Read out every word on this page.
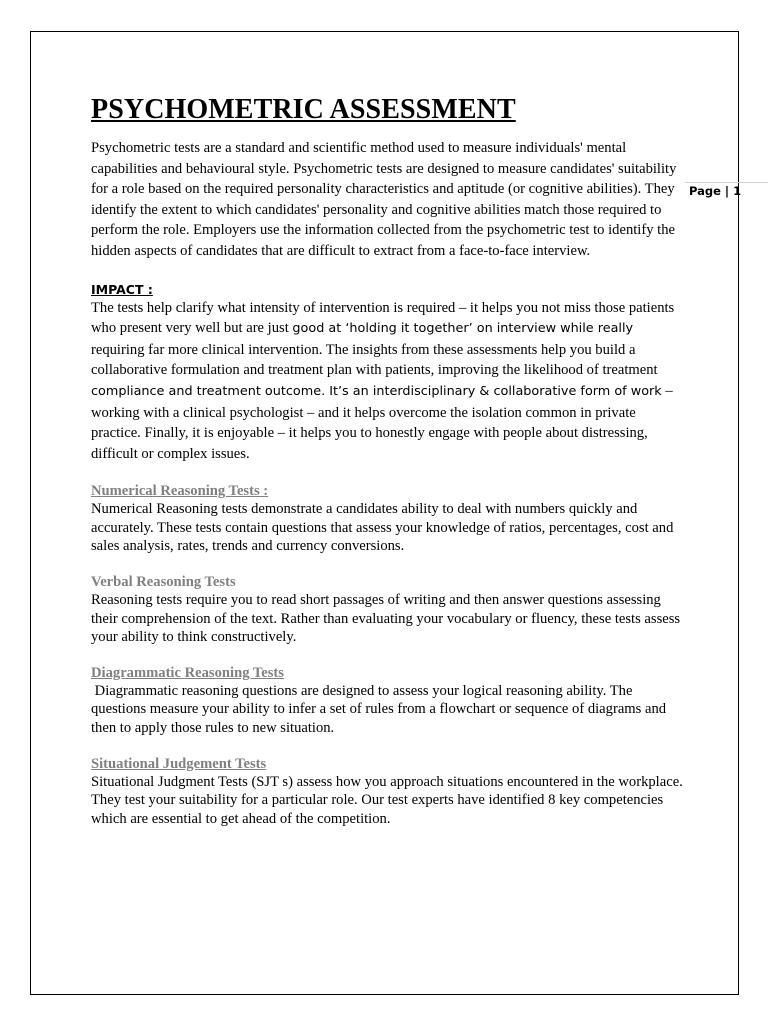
Page | 1
PSYCHOMETRIC ASSESSMENT

Psychometric tests are a standard and scientific method used to measure individuals' mental capabilities and behavioural style. Psychometric tests are designed to measure candidates' suitability for a role based on the required personality characteristics and aptitude (or cognitive abilities). They identify the extent to which candidates' personality and cognitive abilities match those required to perform the role. Employers use the information collected from the psychometric test to identify the hidden aspects of candidates that are difficult to extract from a face-to-face interview.

IMPACT :

The tests help clarify what intensity of intervention is required – it helps you not miss those patients who present very well but are just good at ‘holding it together’ on interview while really requiring far more clinical intervention. The insights from these assessments help you build a collaborative formulation and treatment plan with patients, improving the likelihood of treatment compliance and treatment outcome. It’s an interdisciplinary & collaborative form of work – working with a clinical psychologist – and it helps overcome the isolation common in private practice. Finally, it is enjoyable – it helps you to honestly engage with people about distressing, difficult or complex issues.

Numerical Reasoning Tests :

Numerical Reasoning tests demonstrate a candidates ability to deal with numbers quickly and accurately. These tests contain questions that assess your knowledge of ratios, percentages, cost and sales analysis, rates, trends and currency conversions.

Verbal Reasoning Tests

Reasoning tests require you to read short passages of writing and then answer questions assessing their comprehension of the text. Rather than evaluating your vocabulary or fluency, these tests assess your ability to think constructively.

Diagrammatic Reasoning Tests

Diagrammatic reasoning questions are designed to assess your logical reasoning ability. The questions measure your ability to infer a set of rules from a flowchart or sequence of diagrams and then to apply those rules to new situation.

Situational Judgement Tests

Situational Judgment Tests (SJT s) assess how you approach situations encountered in the workplace. They test your suitability for a particular role. Our test experts have identified 8 key competencies which are essential to get ahead of the competition.
